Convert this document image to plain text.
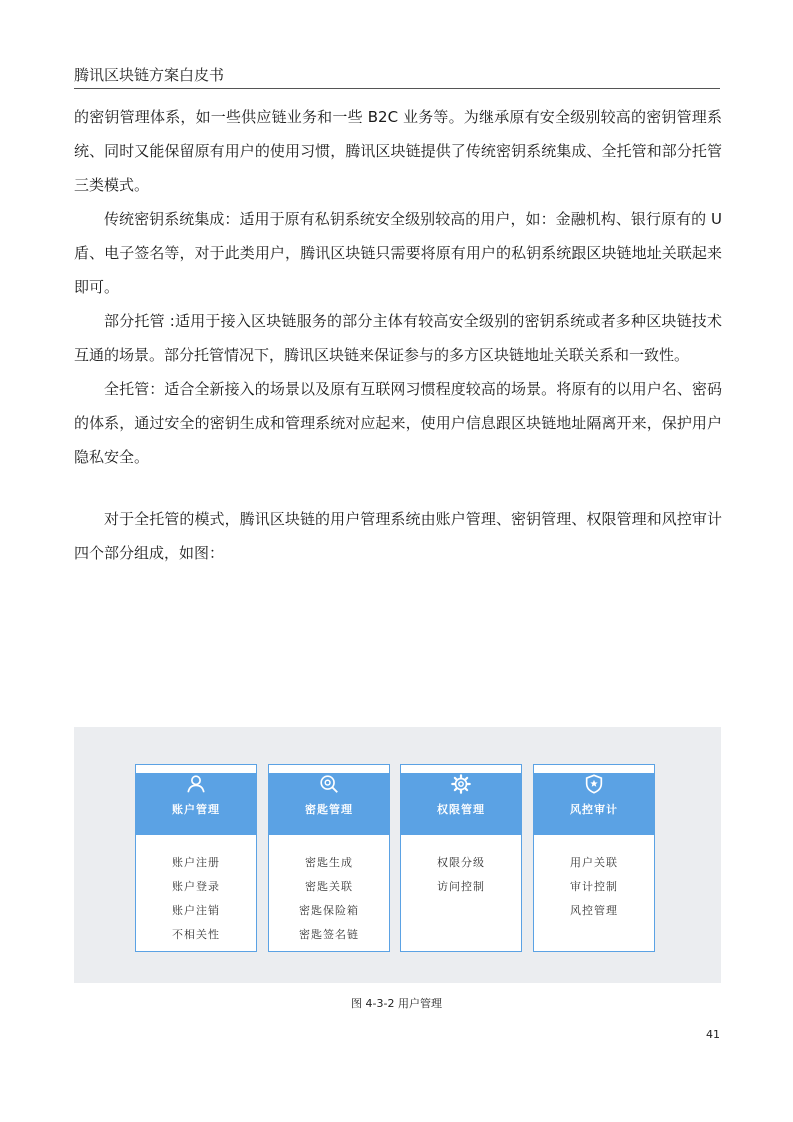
腾讯区块链方案白皮书

的密钥管理体系，如一些供应链业务和一些 B2C 业务等。为继承原有安全级别较高的密钥管理系统、同时又能保留原有用户的使用习惯，腾讯区块链提供了传统密钥系统集成、全托管和部分托管三类模式。

传统密钥系统集成：适用于原有私钥系统安全级别较高的用户，如：金融机构、银行原有的 U 盾、电子签名等，对于此类用户，腾讯区块链只需要将原有用户的私钥系统跟区块链地址关联起来即可。

部分托管 :适用于接入区块链服务的部分主体有较高安全级别的密钥系统或者多种区块链技术互通的场景。部分托管情况下，腾讯区块链来保证参与的多方区块链地址关联关系和一致性。

全托管：适合全新接入的场景以及原有互联网习惯程度较高的场景。将原有的以用户名、密码的体系，通过安全的密钥生成和管理系统对应起来，使用户信息跟区块链地址隔离开来，保护用户隐私安全。

对于全托管的模式，腾讯区块链的用户管理系统由账户管理、密钥管理、权限管理和风控审计四个部分组成，如图：

账户管理
账户注册
账户登录
账户注销
不相关性
密匙管理
密匙生成
密匙关联
密匙保险箱
密匙签名链
权限管理
权限分级
访问控制
风控审计
用户关联
审计控制
风控管理
图 4-3-2 用户管理
41
